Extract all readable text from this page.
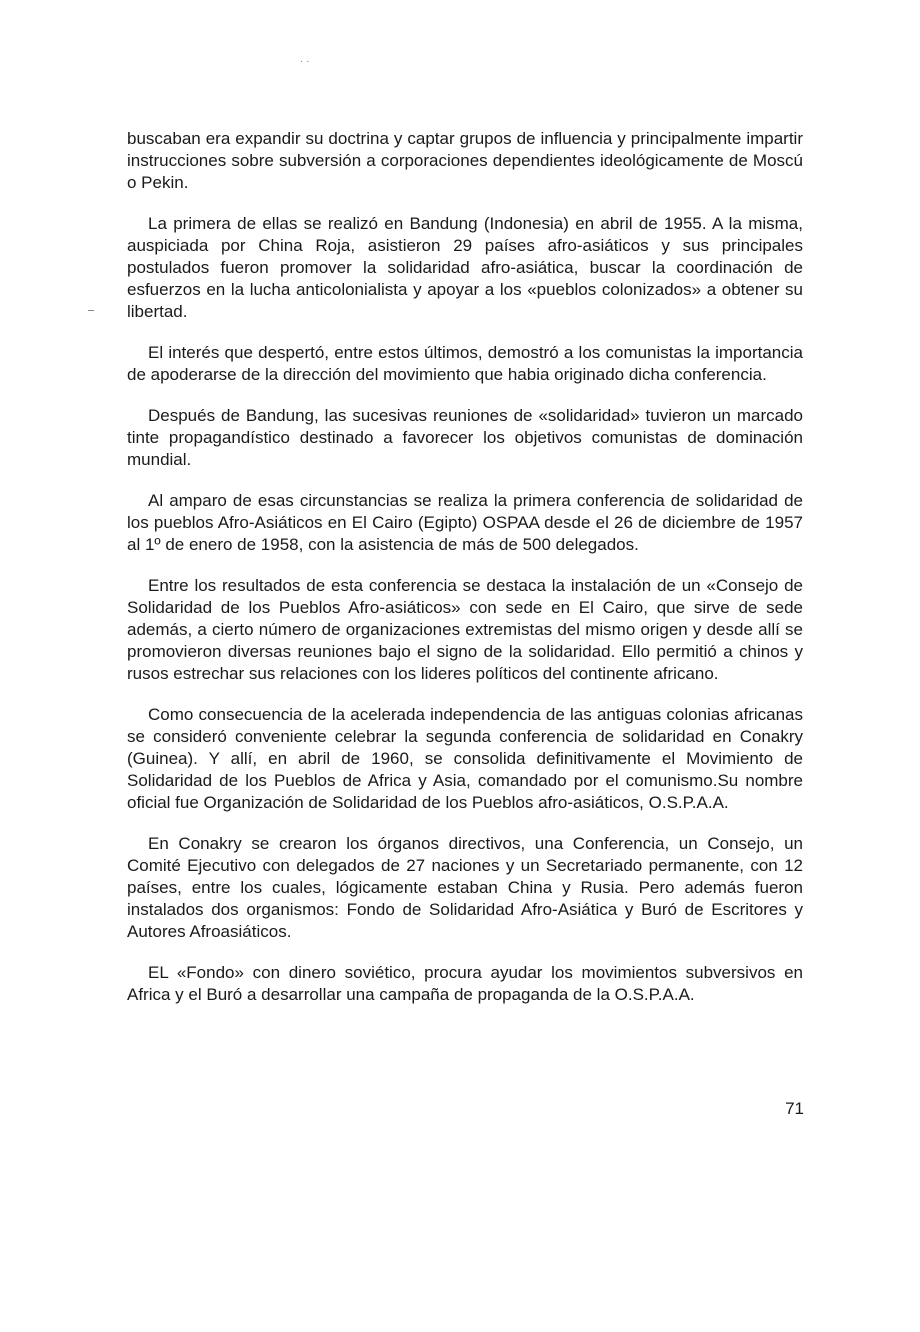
· ·

buscaban era expandir su doctrina y captar grupos de influencia y principalmente impartir instrucciones sobre subversión a corporaciones dependientes ideológicamente de Moscú o Pekin.

La primera de ellas se realizó en Bandung (Indonesia) en abril de 1955. A la misma, auspiciada por China Roja, asistieron 29 países afro-asiáticos y sus principales postulados fueron promover la solidaridad afro-asiática, buscar la coordinación de esfuerzos en la lucha anticolonialista y apoyar a los «pueblos colonizados» a obtener su libertad.

El interés que despertó, entre estos últimos, demostró a los comunistas la importancia de apoderarse de la dirección del movimiento que habia originado dicha conferencia.

Después de Bandung, las sucesivas reuniones de «solidaridad» tuvieron un marcado tinte propagandístico destinado a favorecer los objetivos comunistas de dominación mundial.

Al amparo de esas circunstancias se realiza la primera conferencia de solidaridad de los pueblos Afro-Asiáticos en El Cairo (Egipto) OSPAA desde el 26 de diciembre de 1957 al 1º de enero de 1958, con la asistencia de más de 500 delegados.

Entre los resultados de esta conferencia se destaca la instalación de un «Consejo de Solidaridad de los Pueblos Afro-asiáticos» con sede en El Cairo, que sirve de sede además, a cierto número de organizaciones extremistas del mismo origen y desde allí se promovieron diversas reuniones bajo el signo de la solidaridad. Ello permitió a chinos y rusos estrechar sus relaciones con los lideres políticos del continente africano.

Como consecuencia de la acelerada independencia de las antiguas colonias africanas se consideró conveniente celebrar la segunda conferencia de solidaridad en Conakry (Guinea). Y allí, en abril de 1960, se consolida definitivamente el Movimiento de Solidaridad de los Pueblos de Africa y Asia, comandado por el comunismo.Su nombre oficial fue Organización de Solidaridad de los Pueblos afro-asiáticos, O.S.P.A.A.

En Conakry se crearon los órganos directivos, una Conferencia, un Consejo, un Comité Ejecutivo con delegados de 27 naciones y un Secretariado permanente, con 12 países, entre los cuales, lógicamente estaban China y Rusia. Pero además fueron instalados dos organismos: Fondo de Solidaridad Afro-Asiática y Buró de Escritores y Autores Afroasiáticos.

EL «Fondo» con dinero soviético, procura ayudar los movimientos subversivos en Africa y el Buró a desarrollar una campaña de propaganda de la O.S.P.A.A.

71
